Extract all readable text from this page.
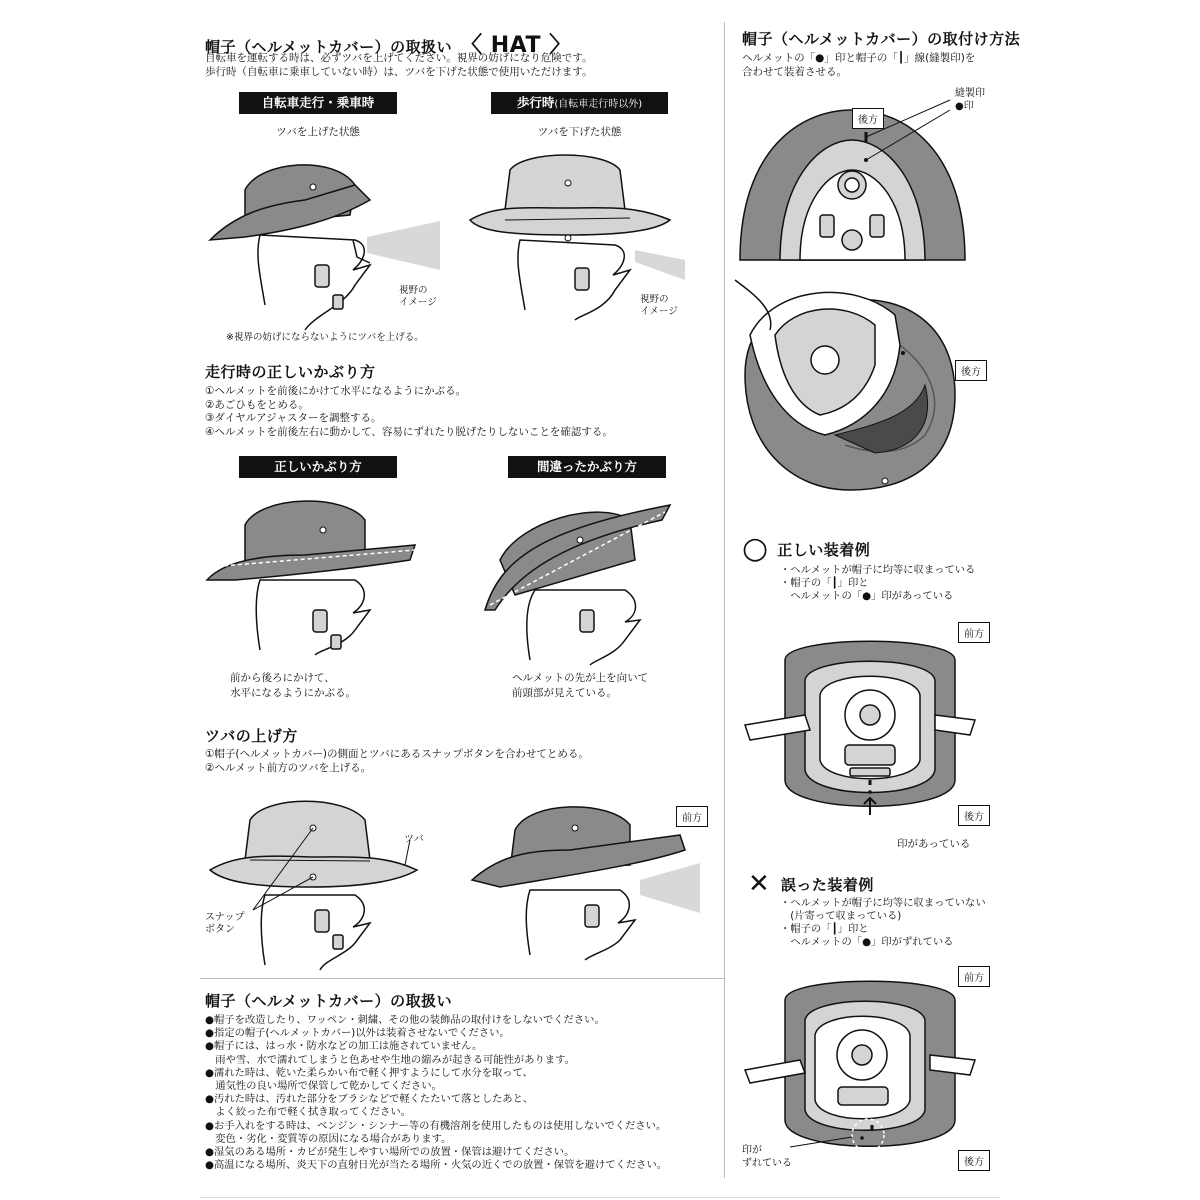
帽子（ヘルメットカバー）の取扱い 〈 HAT 〉
自転車を運転する時は、必ずツバを上げてください。視界の妨げになり危険です。
歩行時（自転車に乗車していない時）は、ツバを下げた状態で使用いただけます。
自転車走行・乗車時	歩行時(自転車走行時以外)
ツバを上げた状態	ツバを下げた状態
視野の
イメージ	視野の
イメージ
※視界の妨げにならないようにツバを上げる。
走行時の正しいかぶり方
①ヘルメットを前後にかけて水平になるようにかぶる。
②あごひもをとめる。
③ダイヤルアジャスターを調整する。
④ヘルメットを前後左右に動かして、容易にずれたり脱げたりしないことを確認する。
正しいかぶり方	間違ったかぶり方
前から後ろにかけて、
水平になるようにかぶる。
ヘルメットの先が上を向いて
前頭部が見えている。
ツバの上げ方
①帽子(ヘルメットカバー)の側面とツバにあるスナップボタンを合わせてとめる。
②ヘルメット前方のツバを上げる。
ツバ
スナップ
ボタン
前方
帽子（ヘルメットカバー）の取扱い
●帽子を改造したり、ワッペン・刺繍、その他の装飾品の取付けをしないでください。
●指定の帽子(ヘルメットカバー)以外は装着させないでください。
●帽子には、はっ水・防水などの加工は施されていません。
　雨や雪、水で濡れてしまうと色あせや生地の縮みが起きる可能性があります。
●濡れた時は、乾いた柔らかい布で軽く押すようにして水分を取って、
　通気性の良い場所で保管して乾かしてください。
●汚れた時は、汚れた部分をブラシなどで軽くたたいて落としたあと、
　よく絞った布で軽く拭き取ってください。
●お手入れをする時は、ベンジン・シンナー等の有機溶剤を使用したものは使用しないでください。
　変色・劣化・変質等の原因になる場合があります。
●湿気のある場所・カビが発生しやすい場所での放置・保管は避けてください。
●高温になる場所、炎天下の直射日光が当たる場所・火気の近くでの放置・保管を避けてください。
帽子（ヘルメットカバー）の取付け方法
ヘルメットの「●」印と帽子の「┃」線(縫製印)を
合わせて装着させる。
後方
縫製印
●印
後方
○ 正しい装着例
・ヘルメットが帽子に均等に収まっている
・帽子の「┃」印と
　ヘルメットの「●」印があっている
前方
後方
印があっている
✕ 誤った装着例
・ヘルメットが帽子に均等に収まっていない
　(片寄って収まっている)
・帽子の「┃」印と
　ヘルメットの「●」印がずれている
前方
後方
印が
ずれている
